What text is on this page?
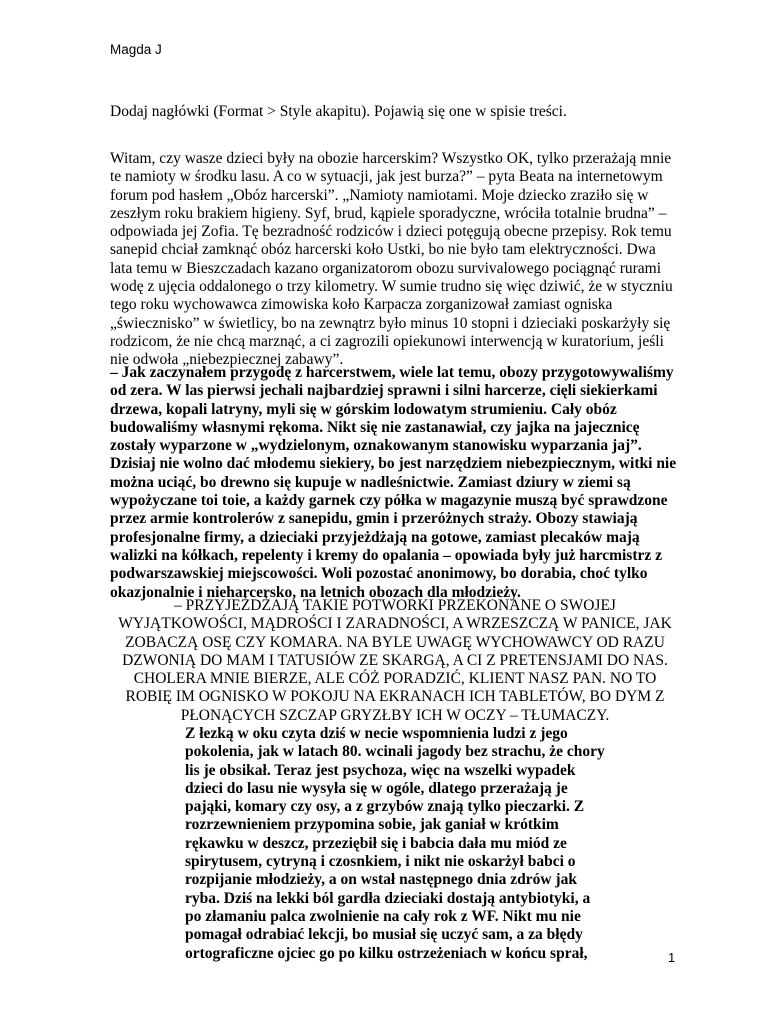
Magda J
Dodaj nagłówki (Format > Style akapitu). Pojawią się one w spisie treści.
Witam, czy wasze dzieci były na obozie harcerskim? Wszystko OK, tylko przerażają mnie te namioty w środku lasu. A co w sytuacji, jak jest burza?” – pyta Beata na internetowym forum pod hasłem „Obóz harcerski”. „Namioty namiotami. Moje dziecko zraziło się w zeszłym roku brakiem higieny. Syf, brud, kąpiele sporadyczne, wróciła totalnie brudna” – odpowiada jej Zofia. Tę bezradność rodziców i dzieci potęgują obecne przepisy. Rok temu sanepid chciał zamknąć obóz harcerski koło Ustki, bo nie było tam elektryczności. Dwa lata temu w Bieszczadach kazano organizatorom obozu survivalowego pociągnąć rurami wodę z ujęcia oddalonego o trzy kilometry. W sumie trudno się więc dziwić, że w styczniu tego roku wychowawca zimowiska koło Karpacza zorganizował zamiast ogniska „świecznisko” w świetlicy, bo na zewnątrz było minus 10 stopni i dzieciaki poskarżyły się rodzicom, że nie chcą marznąć, a ci zagrozili opiekunowi interwencją w kuratorium, jeśli nie odwoła „niebezpiecznej zabawy”.
– Jak zaczynałem przygodę z harcerstwem, wiele lat temu, obozy przygotowywaliśmy od zera. W las pierwsi jechali najbardziej sprawni i silni harcerze, cięli siekierkami drzewa, kopali latryny, myli się w górskim lodowatym strumieniu. Cały obóz budowaliśmy własnymi rękoma. Nikt się nie zastanawiał, czy jajka na jajecznicę zostały wyparzone w „wydzielonym, oznakowanym stanowisku wyparzania jaj”. Dzisiaj nie wolno dać młodemu siekiery, bo jest narzędziem niebezpiecznym, witki nie można uciąć, bo drewno się kupuje w nadleśnictwie. Zamiast dziury w ziemi są wypożyczane toi toie, a każdy garnek czy półka w magazynie muszą być sprawdzone przez armie kontrolerów z sanepidu, gmin i przeróżnych straży. Obozy stawiają profesjonalne firmy, a dzieciaki przyjeżdżają na gotowe, zamiast plecaków mają walizki na kółkach, repelenty i kremy do opalania – opowiada były już harcmistrz z podwarszawskiej miejscowości. Woli pozostać anonimowy, bo dorabia, choć tylko okazjonalnie i nieharcersko, na letnich obozach dla młodzieży.
– PRZYJEŻDŻAJĄ TAKIE POTWORKI PRZEKONANE O SWOJEJ WYJĄTKOWOŚCI, MĄDROŚCI I ZARADNOŚCI, A WRZESZCZĄ W PANICE, JAK ZOBACZĄ OSĘ CZY KOMARA. NA BYLE UWAGĘ WYCHOWAWCY OD RAZU DZWONIĄ DO MAM I TATUSIÓW ZE SKARGĄ, A CI Z PRETENSJAMI DO NAS. CHOLERA MNIE BIERZE, ALE CÓŻ PORADZIĆ, KLIENT NASZ PAN. NO TO ROBIĘ IM OGNISKO W POKOJU NA EKRANACH ICH TABLETÓW, BO DYM Z PŁONĄCYCH SZCZAP GRYZŁBY ICH W OCZY – TŁUMACZY.
Z łezką w oku czyta dziś w necie wspomnienia ludzi z jego pokolenia, jak w latach 80. wcinali jagody bez strachu, że chory lis je obsikał. Teraz jest psychoza, więc na wszelki wypadek dzieci do lasu nie wysyła się w ogóle, dlatego przerażają je pająki, komary czy osy, a z grzybów znają tylko pieczarki. Z rozrzewnieniem przypomina sobie, jak ganiał w krótkim rękawku w deszcz, przeziębił się i babcia dała mu miód ze spirytusem, cytryną i czosnkiem, i nikt nie oskarżył babci o rozpijanie młodzieży, a on wstał następnego dnia zdrów jak ryba. Dziś na lekki ból gardła dzieciaki dostają antybiotyki, a po złamaniu palca zwolnienie na cały rok z WF. Nikt mu nie pomagał odrabiać lekcji, bo musiał się uczyć sam, a za błędy ortograficzne ojciec go po kilku ostrzeżeniach w końcu sprał,	1
